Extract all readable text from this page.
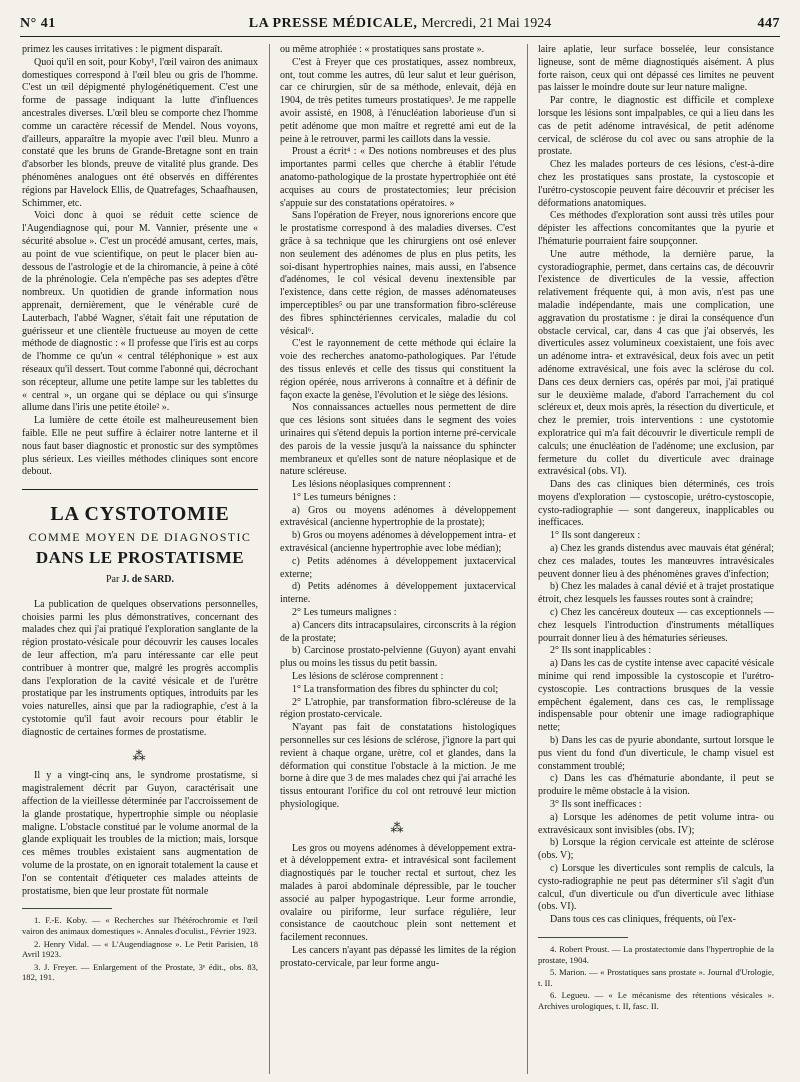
N° 41	LA PRESSE MÉDICALE, Mercredi, 21 Mai 1924	447

primez les causes irritatives : le pigment disparaît.

Quoi qu'il en soit, pour Koby¹, l'œil vairon des animaux domestiques correspond à l'œil bleu ou gris de l'homme. C'est un œil dépigmenté phylogénétiquement. C'est une forme de passage indiquant la lutte d'influences ancestrales diverses. L'œil bleu se comporte chez l'homme comme un caractère récessif de Mendel. Nous voyons, d'ailleurs, apparaître la myopie avec l'œil bleu. Munro a constaté que les bruns de Grande-Bretagne sont en train d'absorber les blonds, preuve de vitalité plus grande. Des phénomènes analogues ont été observés en différentes régions par Havelock Ellis, de Quatrefages, Schaafhausen, Schimmer, etc.

Voici donc à quoi se réduit cette science de l'Augendiagnose qui, pour M. Vannier, présente une « sécurité absolue ». C'est un procédé amusant, certes, mais, au point de vue scientifique, on peut le placer bien au-dessous de l'astrologie et de la chiromancie, à peine à côté de la phrénologie. Cela n'empêche pas ses adeptes d'être nombreux. Un quotidien de grande information nous apprenait, dernièrement, que le vénérable curé de Lauterbach, l'abbé Wagner, s'était fait une réputation de guérisseur et une clientèle fructueuse au moyen de cette méthode de diagnostic : « Il professe que l'iris est au corps de l'homme ce qu'un « central téléphonique » est aux réseaux qu'il dessert. Tout comme l'abonné qui, décrochant son récepteur, allume une petite lampe sur les tablettes du « central », un organe qui se déplace ou qui s'insurge allume dans l'iris une petite étoile² ».

La lumière de cette étoile est malheureusement bien faible. Elle ne peut suffire à éclairer notre lanterne et il nous faut baser diagnostic et pronostic sur des symptômes plus sérieux. Les vieilles méthodes cliniques sont encore debout.

LA CYSTOTOMIE
COMME MOYEN DE DIAGNOSTIC
DANS LE PROSTATISME
Par J. de SARD.

La publication de quelques observations personnelles, choisies parmi les plus démonstratives, concernant des malades chez qui j'ai pratiqué l'exploration sanglante de la région prostato-vésicale pour découvrir les causes locales de leur affection, m'a paru intéressante car elle peut contribuer à montrer que, malgré les progrès accomplis dans l'exploration de la cavité vésicale et de l'urètre prostatique par les instruments optiques, introduits par les voies naturelles, ainsi que par la radiographie, c'est à la cystotomie qu'il faut avoir recours pour établir le diagnostic de certaines formes de prostatisme.

⁂

Il y a vingt-cinq ans, le syndrome prostatisme, si magistralement décrit par Guyon, caractérisait une affection de la vieillesse déterminée par l'accroissement de la glande prostatique, hypertrophie simple ou néoplasie maligne. L'obstacle constitué par le volume anormal de la glande expliquait les troubles de la miction; mais, lorsque ces mêmes troubles existaient sans augmentation de volume de la prostate, on en ignorait totalement la cause et l'on se contentait d'étiqueter ces malades atteints de prostatisme, bien que leur prostate fût normale

1. F.-E. Koby. — « Recherches sur l'hétérochromie et l'œil vairon des animaux domestiques ». Annales d'oculist., Février 1923.

2. Henry Vidal. — « L'Augendiagnose ». Le Petit Parisien, 18 Avril 1923.

3. J. Freyer. — Enlargement of the Prostate, 3ᵉ édit., obs. 83, 182, 191.

ou même atrophiée : « prostatiques sans prostate ».

C'est à Freyer que ces prostatiques, assez nombreux, ont, tout comme les autres, dû leur salut et leur guérison, car ce chirurgien, sûr de sa méthode, enlevait, déjà en 1904, de très petites tumeurs prostatiques³. Je me rappelle avoir assisté, en 1908, à l'énucléation laborieuse d'un si petit adénome que mon maître et regretté ami eut de la peine à le retrouver, parmi les caillots dans la vessie.

Proust a écrit⁴ : « Des notions nombreuses et des plus importantes parmi celles que cherche à établir l'étude anatomo-pathologique de la prostate hypertrophiée ont été acquises au cours de prostatectomies; leur précision s'appuie sur des constatations opératoires. »

Sans l'opération de Freyer, nous ignorerions encore que le prostatisme correspond à des maladies diverses. C'est grâce à sa technique que les chirurgiens ont osé enlever non seulement des adénomes de plus en plus petits, les soi-disant hypertrophies naines, mais aussi, en l'absence d'adénomes, le col vésical devenu inextensible par l'existence, dans cette région, de masses adénomateuses imperceptibles⁵ ou par une transformation fibro-scléreuse des fibres sphinctériennes cervicales, maladie du col vésical⁶.

C'est le rayonnement de cette méthode qui éclaire la voie des recherches anatomo-pathologiques. Par l'étude des tissus enlevés et celle des tissus qui constituent la région opérée, nous arriverons à connaître et à définir de façon exacte la genèse, l'évolution et le siège des lésions.

Nos connaissances actuelles nous permettent de dire que ces lésions sont situées dans le segment des voies urinaires qui s'étend depuis la portion interne pré-cervicale des parois de la vessie jusqu'à la naissance du sphincter membraneux et qu'elles sont de nature néoplasique et de nature scléreuse.

Les lésions néoplasiques comprennent :

1° Les tumeurs bénignes :

a) Gros ou moyens adénomes à développement extravésical (ancienne hypertrophie de la prostate);

b) Gros ou moyens adénomes à développement intra- et extravésical (ancienne hypertrophie avec lobe médian);

c) Petits adénomes à développement juxtacervical externe;

d) Petits adénomes à développement juxtacervical interne.

2° Les tumeurs malignes :

a) Cancers dits intracapsulaires, circonscrits à la région de la prostate;

b) Carcinose prostato-pelvienne (Guyon) ayant envahi plus ou moins les tissus du petit bassin.

Les lésions de sclérose comprennent :

1° La transformation des fibres du sphincter du col;

2° L'atrophie, par transformation fibro-scléreuse de la région prostato-cervicale.

N'ayant pas fait de constatations histologiques personnelles sur ces lésions de sclérose, j'ignore la part qui revient à chaque organe, urètre, col et glandes, dans la déformation qui constitue l'obstacle à la miction. Je me borne à dire que 3 de mes malades chez qui j'ai arraché les tissus entourant l'orifice du col ont retrouvé leur miction physiologique.

⁂

Les gros ou moyens adénomes à développement extra- et à développement extra- et intravésical sont facilement diagnostiqués par le toucher rectal et surtout, chez les malades à paroi abdominale dépressible, par le toucher associé au palper hypogastrique. Leur forme arrondie, ovalaire ou piriforme, leur surface régulière, leur consistance de caoutchouc plein sont nettement et facilement reconnues.

Les cancers n'ayant pas dépassé les limites de la région prostato-cervicale, par leur forme angu-

laire aplatie, leur surface bosselée, leur consistance ligneuse, sont de même diagnostiqués aisément. A plus forte raison, ceux qui ont dépassé ces limites ne peuvent pas laisser le moindre doute sur leur nature maligne.

Par contre, le diagnostic est difficile et complexe lorsque les lésions sont impalpables, ce qui a lieu dans les cas de petit adénome intravésical, de petit adénome cervical, de sclérose du col avec ou sans atrophie de la prostate.

Chez les malades porteurs de ces lésions, c'est-à-dire chez les prostatiques sans prostate, la cystoscopie et l'urétro-cystoscopie peuvent faire découvrir et préciser les déformations anatomiques.

Ces méthodes d'exploration sont aussi très utiles pour dépister les affections concomitantes que la pyurie et l'hématurie pourraient faire soupçonner.

Une autre méthode, la dernière parue, la cystoradiographie, permet, dans certains cas, de découvrir l'existence de diverticules de la vessie, affection relativement fréquente qui, à mon avis, n'est pas une maladie indépendante, mais une complication, une aggravation du prostatisme : je dirai la conséquence d'un obstacle cervical, car, dans 4 cas que j'ai observés, les diverticules assez volumineux coexistaient, une fois avec un adénome intra- et extravésical, deux fois avec un petit adénome extravésical, une fois avec la sclérose du col. Dans ces deux derniers cas, opérés par moi, j'ai pratiqué sur le deuxième malade, d'abord l'arrachement du col scléreux et, deux mois après, la résection du diverticule, et chez le premier, trois interventions : une cystotomie exploratrice qui m'a fait découvrir le diverticule rempli de calculs; une énucléation de l'adénome; une exclusion, par fermeture du collet du diverticule avec drainage extravésical (obs. VI).

Dans des cas cliniques bien déterminés, ces trois moyens d'exploration — cystoscopie, urétro-cystoscopie, cysto-radiographie — sont dangereux, inapplicables ou inefficaces.

1° Ils sont dangereux :

a) Chez les grands distendus avec mauvais état général; chez ces malades, toutes les manœuvres intravésicales peuvent donner lieu à des phénomènes graves d'infection;

b) Chez les malades à canal dévié et à trajet prostatique étroit, chez lesquels les fausses routes sont à craindre;

c) Chez les cancéreux douteux — cas exceptionnels — chez lesquels l'introduction d'instruments métalliques pourrait donner lieu à des hématuries sérieuses.

2° Ils sont inapplicables :

a) Dans les cas de cystite intense avec capacité vésicale minime qui rend impossible la cystoscopie et l'urétro-cystoscopie. Les contractions brusques de la vessie empêchent également, dans ces cas, le remplissage indispensable pour obtenir une image radiographique nette;

b) Dans les cas de pyurie abondante, surtout lorsque le pus vient du fond d'un diverticule, le champ visuel est constamment troublé;

c) Dans les cas d'hématurie abondante, il peut se produire le même obstacle à la vision.

3° Ils sont inefficaces :

a) Lorsque les adénomes de petit volume intra- ou extravésicaux sont invisibles (obs. IV);

b) Lorsque la région cervicale est atteinte de sclérose (obs. V);

c) Lorsque les diverticules sont remplis de calculs, la cysto-radiographie ne peut pas déterminer s'il s'agit d'un calcul, d'un diverticule ou d'un diverticule avec lithiase (obs. VI).

Dans tous ces cas cliniques, fréquents, où l'ex-

4. Robert Proust. — La prostatectomie dans l'hypertrophie de la prostate, 1904.

5. Marion. — « Prostatiques sans prostate ». Journal d'Urologie, t. II.

6. Legueu. — « Le mécanisme des rétentions vésicales ». Archives urologiques, t. II, fasc. II.
